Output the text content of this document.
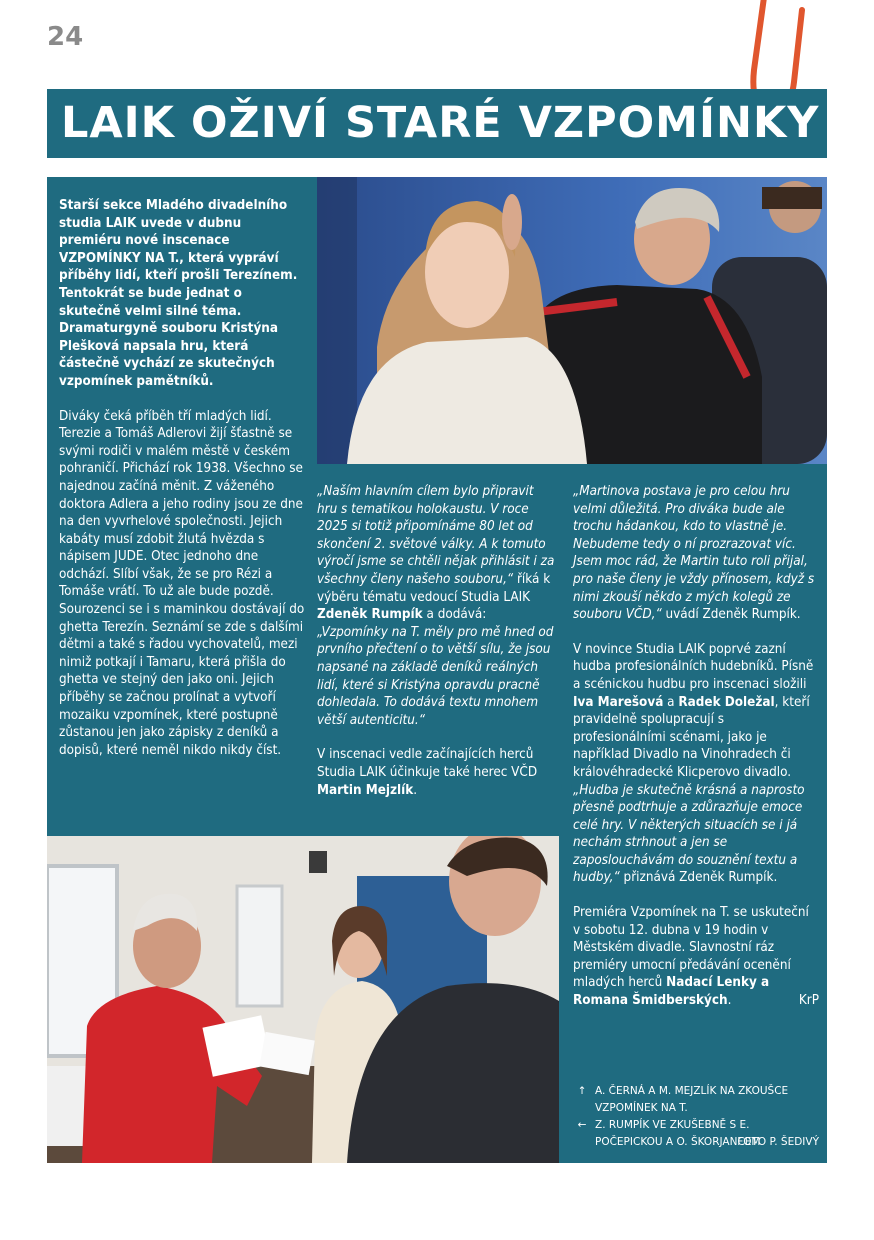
24
LAIK OŽIVÍ STARÉ VZPOMÍNKY

Starší sekce Mladého divadelního studia LAIK uvede v dubnu premiéru nové inscenace VZPOMÍNKY NA T., která vypráví příběhy lidí, kteří prošli Terezínem. Tentokrát se bude jednat o skutečně velmi silné téma. Dramaturgyně souboru Kristýna Plešková napsala hru, která částečně vychází ze skutečných vzpomínek pamětníků.

Diváky čeká příběh tří mladých lidí. Terezie a Tomáš Adlerovi žijí šťastně se svými rodiči v malém městě v českém pohraničí. Přichází rok 1938. Všechno se najednou začíná měnit. Z váženého doktora Adlera a jeho rodiny jsou ze dne na den vyvrhelové společnosti. Jejich kabáty musí zdobit žlutá hvězda s nápisem JUDE. Otec jednoho dne odchází. Slíbí však, že se pro Rézi a Tomáše vrátí. To už ale bude pozdě. Sourozenci se i s maminkou dostávají do ghetta Terezín. Seznámí se zde s dalšími dětmi a také s řadou vychovatelů, mezi nimiž potkají i Tamaru, která přišla do ghetta ve stejný den jako oni. Jejich příběhy se začnou prolínat a vytvoří mozaiku vzpomínek, které postupně zůstanou jen jako zápisky z deníků a dopisů, které neměl nikdo nikdy číst.

„Naším hlavním cílem bylo připravit hru s tematikou holokaustu. V roce 2025 si totiž připomínáme 80 let od skončení 2. světové války. A k tomuto výročí jsme se chtěli nějak přihlásit i za všechny členy našeho souboru,“ říká k výběru tématu vedoucí Studia LAIK Zdeněk Rumpík a dodává: „Vzpomínky na T. měly pro mě hned od prvního přečtení o to větší sílu, že jsou napsané na základě deníků reálných lidí, které si Kristýna opravdu pracně dohledala. To dodává textu mnohem větší autenticitu.“

V inscenaci vedle začínajících herců Studia LAIK účinkuje také herec VČD Martin Mejzlík.

„Martinova postava je pro celou hru velmi důležitá. Pro diváka bude ale trochu hádankou, kdo to vlastně je. Nebudeme tedy o ní prozrazovat víc. Jsem moc rád, že Martin tuto roli přijal, pro naše členy je vždy přínosem, když s nimi zkouší někdo z mých kolegů ze souboru VČD,“ uvádí Zdeněk Rumpík.

V novince Studia LAIK poprvé zazní hudba profesionálních hudebníků. Písně a scénickou hudbu pro inscenaci složili Iva Marešová a Radek Doležal, kteří pravidelně spolupracují s profesionálními scénami, jako je například Divadlo na Vinohradech či královéhradecké Klicperovo divadlo. „Hudba je skutečně krásná a naprosto přesně podtrhuje a zdůrazňuje emoce celé hry. V některých situacích se i já nechám strhnout a jen se zaposlouchávám do souznění textu a hudby,“ přiznává Zdeněk Rumpík.

Premiéra Vzpomínek na T. se uskuteční v sobotu 12. dubna v 19 hodin v Městském divadle. Slavnostní ráz premiéry umocní předávání ocenění mladých herců Nadací Lenky a Romana Šmidberských.	KrP

↑ A. ČERNÁ A M. MEJZLÍK NA ZKOUŠCE VZPOMÍNEK NA T.
← Z. RUMPÍK VE ZKUŠEBNĚ S E. POČEPICKOU A O. ŠKORJANCEM
FOTO P. ŠEDIVÝ
